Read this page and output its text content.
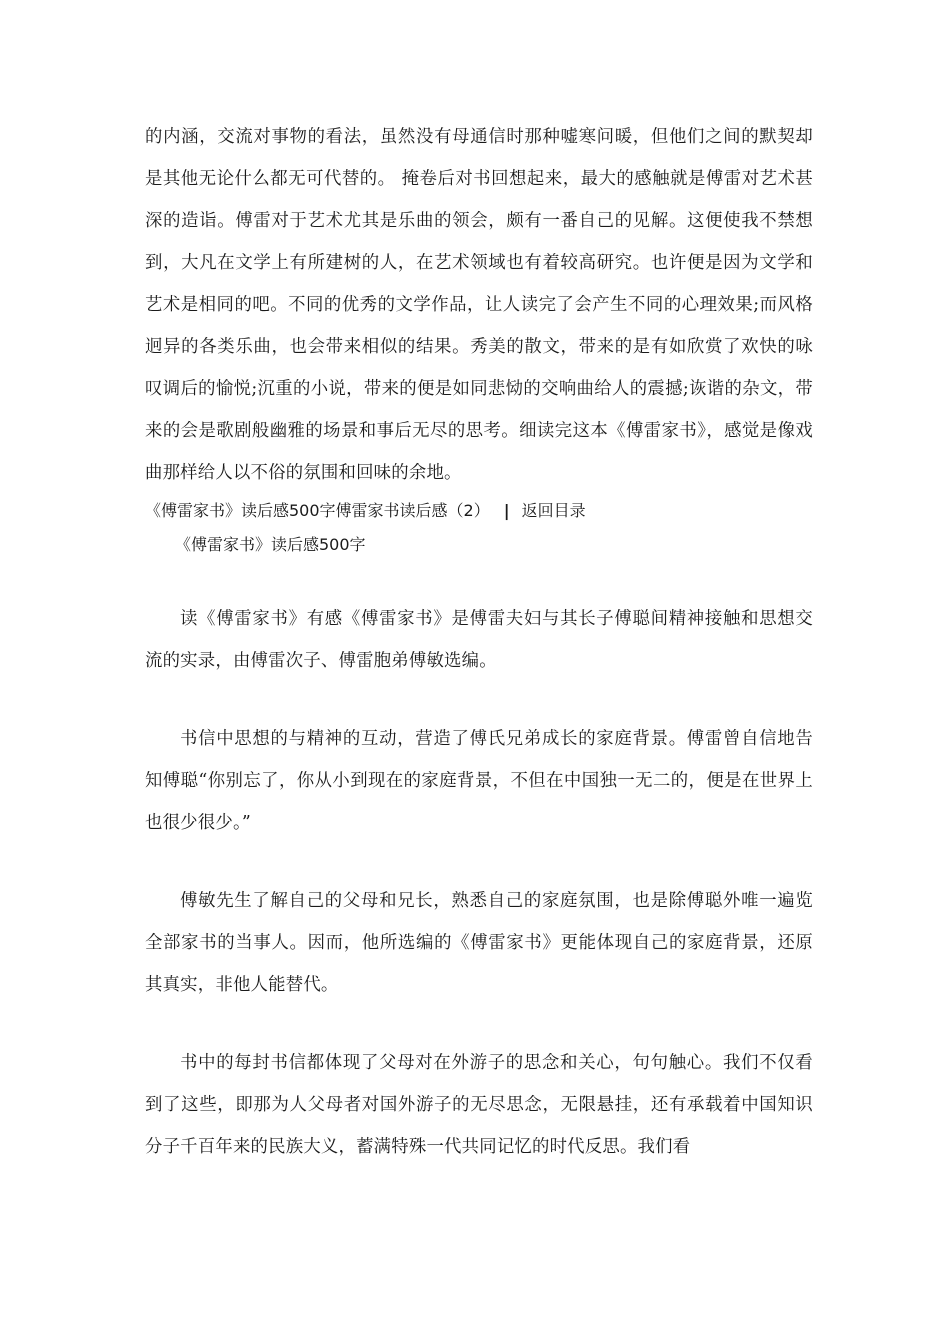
的内涵，交流对事物的看法，虽然没有母通信时那种嘘寒问暖，但他们之间的默契却是其他无论什么都无可代替的。 掩卷后对书回想起来，最大的感触就是傅雷对艺术甚深的造诣。傅雷对于艺术尤其是乐曲的领会，颇有一番自己的见解。这便使我不禁想到，大凡在文学上有所建树的人，在艺术领域也有着较高研究。也许便是因为文学和艺术是相同的吧。不同的优秀的文学作品，让人读完了会产生不同的心理效果;而风格迥异的各类乐曲，也会带来相似的结果。秀美的散文，带来的是有如欣赏了欢快的咏叹调后的愉悦;沉重的小说，带来的便是如同悲恸的交响曲给人的震撼;诙谐的杂文，带来的会是歌剧般幽雅的场景和事后无尽的思考。细读完这本《傅雷家书》，感觉是像戏曲那样给人以不俗的氛围和回味的余地。

《傅雷家书》读后感500字傅雷家书读后感（2） | 返回目录

《傅雷家书》读后感500字

读《傅雷家书》有感《傅雷家书》是傅雷夫妇与其长子傅聪间精神接触和思想交流的实录，由傅雷次子、傅雷胞弟傅敏选编。

书信中思想的与精神的互动，营造了傅氏兄弟成长的家庭背景。傅雷曾自信地告知傅聪“你别忘了，你从小到现在的家庭背景，不但在中国独一无二的，便是在世界上也很少很少。”

傅敏先生了解自己的父母和兄长，熟悉自己的家庭氛围，也是除傅聪外唯一遍览全部家书的当事人。因而，他所选编的《傅雷家书》更能体现自己的家庭背景，还原其真实，非他人能替代。

书中的每封书信都体现了父母对在外游子的思念和关心，句句触心。我们不仅看到了这些，即那为人父母者对国外游子的无尽思念，无限悬挂，还有承载着中国知识分子千百年来的民族大义，蓄满特殊一代共同记忆的时代反思。我们看
